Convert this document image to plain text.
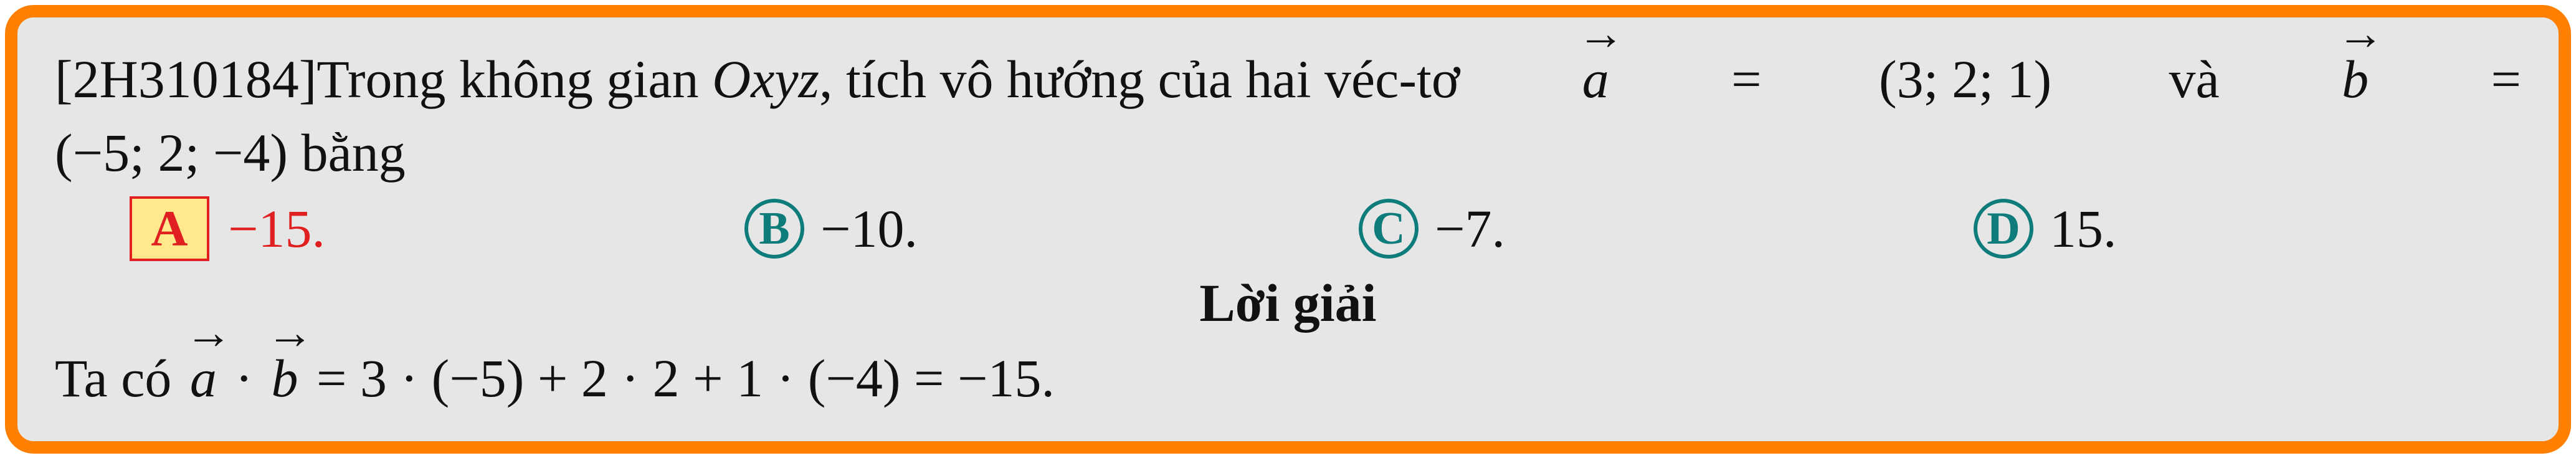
[2H310184]Trong không gian Oxyz, tích vô hướng của hai véc-tơ
→
a = (3; 2; 1) và
→
b =
(−5; 2; −4) bằng
A −15.	B −10.	C −7.	D 15.
Lời giải
Ta có
→
a ·
→
b = 3 · (−5) + 2 · 2 + 1 · (−4) = −15.
